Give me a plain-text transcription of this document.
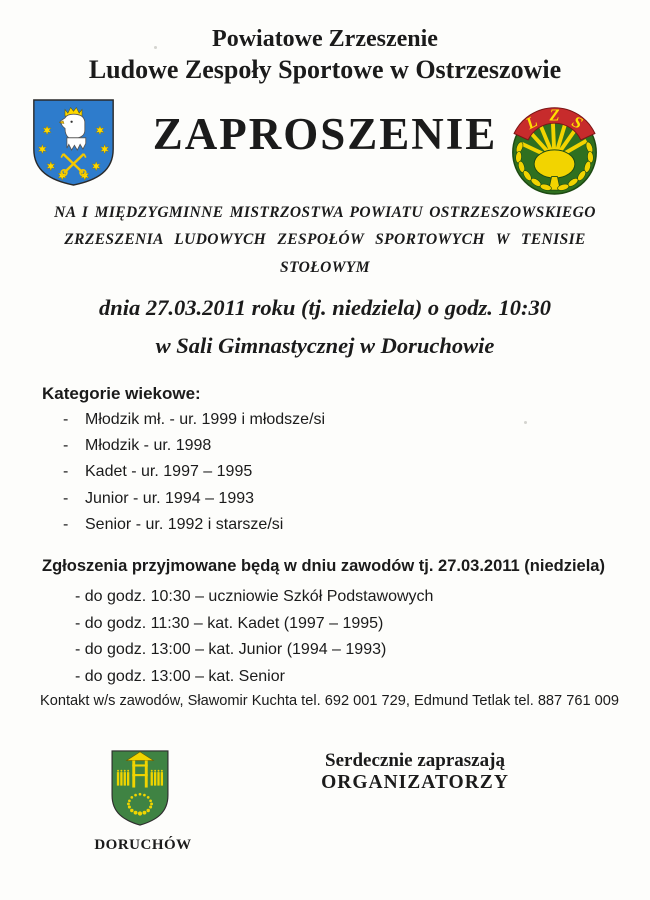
Powiatowe Zrzeszenie
Ludowe Zespoły Sportowe w Ostrzeszowie
ZAPROSZENIE	L Z S
NA I MIĘDZYGMINNE MISTRZOSTWA POWIATU OSTRZESZOWSKIEGO
ZRZESZENIA LUDOWYCH ZESPOŁÓW SPORTOWYCH W TENISIE
STOŁOWYM
dnia 27.03.2011 roku (tj. niedziela) o godz. 10:30
w Sali Gimnastycznej w Doruchowie
Kategorie wiekowe:
-	Młodzik mł. - ur. 1999 i młodsze/si
-	Młodzik - ur. 1998
-	Kadet - ur. 1997 – 1995
-	Junior - ur. 1994 – 1993
-	Senior - ur. 1992 i starsze/si
Zgłoszenia przyjmowane będą w dniu zawodów tj. 27.03.2011 (niedziela)
- do godz. 10:30 – uczniowie Szkół Podstawowych
- do godz. 11:30 – kat. Kadet (1997 – 1995)
- do godz. 13:00 – kat. Junior (1994 – 1993)
- do godz. 13:00 – kat. Senior
Kontakt w/s zawodów, Sławomir Kuchta tel. 692 001 729, Edmund Tetlak tel. 887 761 009
DORUCHÓW
Serdecznie zapraszają
ORGANIZATORZY
